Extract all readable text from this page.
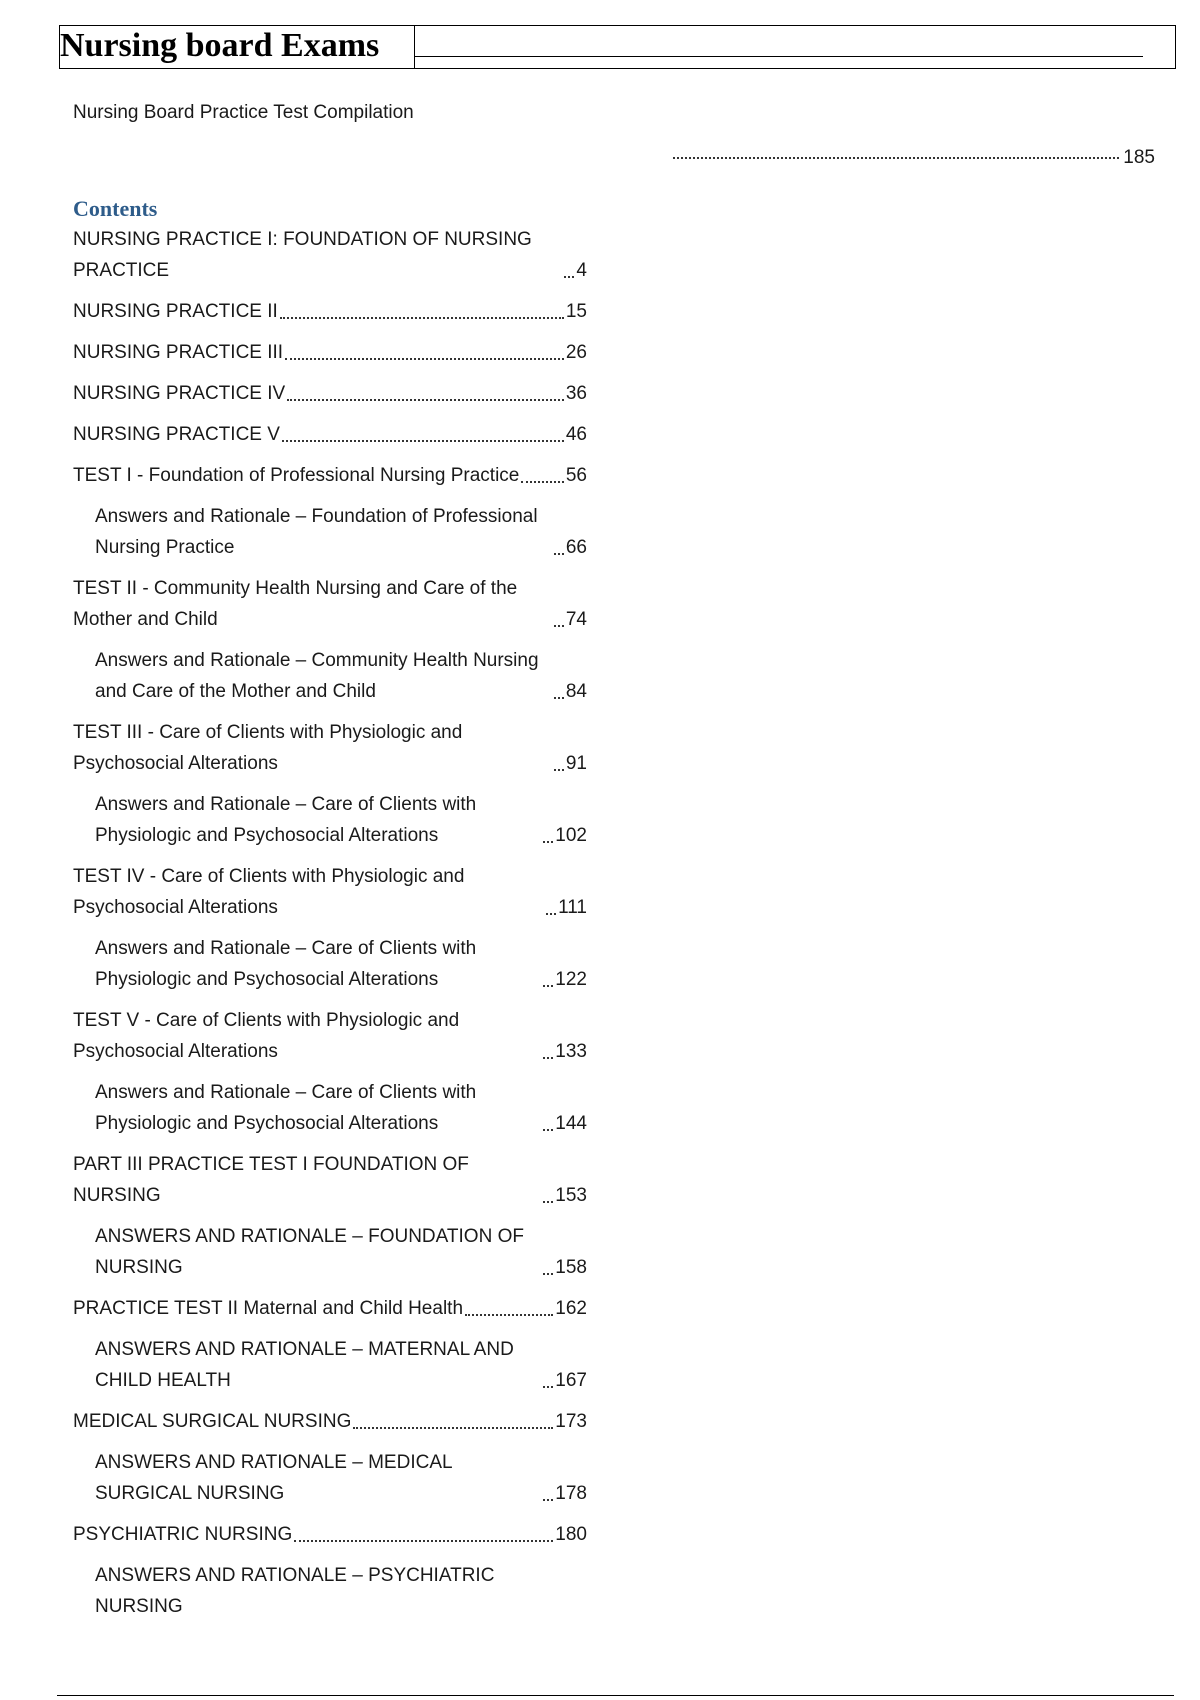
Nursing board Exams
Nursing Board Practice Test Compilation
185
Contents
NURSING PRACTICE I: FOUNDATION OF NURSING PRACTICE	4
NURSING PRACTICE II	15
NURSING PRACTICE III	26
NURSING PRACTICE IV	36
NURSING PRACTICE V	46
TEST I - Foundation of Professional Nursing Practice 56
Answers and Rationale – Foundation of Professional Nursing Practice	66
TEST II - Community Health Nursing and Care of the Mother and Child	74
Answers and Rationale – Community Health Nursing and Care of the Mother and Child	84
TEST III - Care of Clients with Physiologic and Psychosocial Alterations	91
Answers and Rationale – Care of Clients with Physiologic and Psychosocial Alterations	102
TEST IV - Care of Clients with Physiologic and Psychosocial Alterations	111
Answers and Rationale – Care of Clients with Physiologic and Psychosocial Alterations	122
TEST V - Care of Clients with Physiologic and Psychosocial Alterations	133
Answers and Rationale – Care of Clients with Physiologic and Psychosocial Alterations	144
PART III PRACTICE TEST I FOUNDATION OF NURSING	153
ANSWERS AND RATIONALE – FOUNDATION OF NURSING	158
PRACTICE TEST II Maternal and Child Health	162
ANSWERS AND RATIONALE – MATERNAL AND CHILD HEALTH	167
MEDICAL SURGICAL NURSING	173
ANSWERS AND RATIONALE – MEDICAL SURGICAL NURSING	178
PSYCHIATRIC NURSING	180
ANSWERS AND RATIONALE – PSYCHIATRIC NURSING
